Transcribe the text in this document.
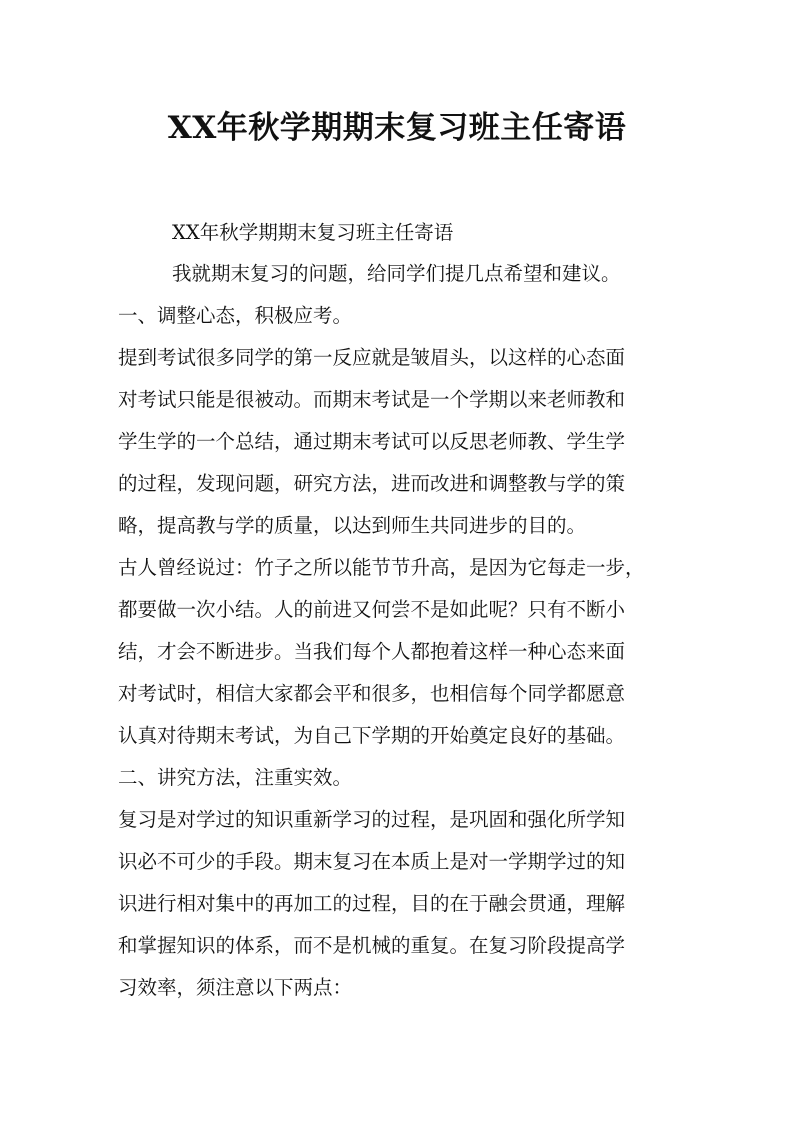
XX年秋学期期末复习班主任寄语

XX年秋学期期末复习班主任寄语

我就期末复习的问题，给同学们提几点希望和建议。

一、调整心态，积极应考。

提到考试很多同学的第一反应就是皱眉头，以这样的心态面

对考试只能是很被动。而期末考试是一个学期以来老师教和

学生学的一个总结，通过期末考试可以反思老师教、学生学

的过程，发现问题，研究方法，进而改进和调整教与学的策

略，提高教与学的质量，以达到师生共同进步的目的。

古人曾经说过：竹子之所以能节节升高，是因为它每走一步，

都要做一次小结。人的前进又何尝不是如此呢？只有不断小

结，才会不断进步。当我们每个人都抱着这样一种心态来面

对考试时，相信大家都会平和很多，也相信每个同学都愿意

认真对待期末考试，为自己下学期的开始奠定良好的基础。

二、讲究方法，注重实效。

复习是对学过的知识重新学习的过程，是巩固和强化所学知

识必不可少的手段。期末复习在本质上是对一学期学过的知

识进行相对集中的再加工的过程，目的在于融会贯通，理解

和掌握知识的体系，而不是机械的重复。在复习阶段提高学

习效率，须注意以下两点：
